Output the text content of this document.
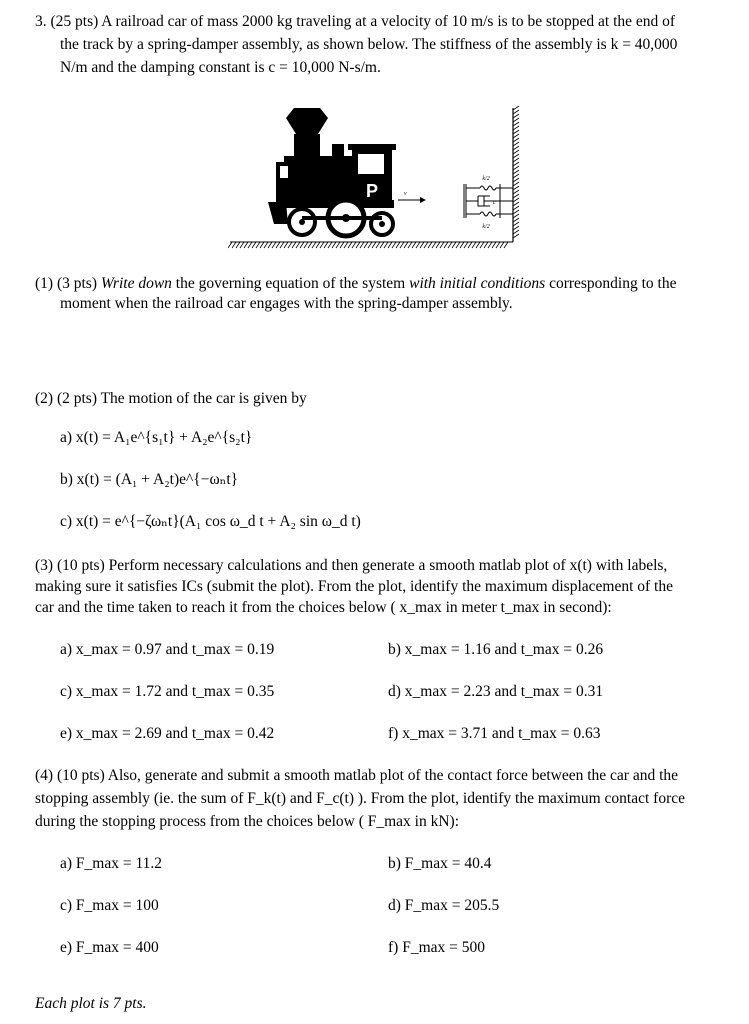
3. (25 pts) A railroad car of mass 2000 kg traveling at a velocity of 10 m/s is to be stopped at the end of
the track by a spring-damper assembly, as shown below. The stiffness of the assembly is k = 40,000
N/m and the damping constant is c = 10,000 N-s/m.
P	v
k/2
c
k/2
(1) (3 pts) Write down the governing equation of the system with initial conditions corresponding to the
moment when the railroad car engages with the spring-damper assembly.
(2) (2 pts) The motion of the car is given by
a) x(t) = A₁e^{s₁t} + A₂e^{s₂t}
b) x(t) = (A₁ + A₂t)e^{−ωₙt}
c) x(t) = e^{−ζωₙt}(A₁ cos ω_d t + A₂ sin ω_d t)
(3) (10 pts) Perform necessary calculations and then generate a smooth matlab plot of x(t) with labels,
making sure it satisfies ICs (submit the plot). From the plot, identify the maximum displacement of the
car and the time taken to reach it from the choices below ( x_max in meter t_max in second):
a) x_max = 0.97 and t_max = 0.19	b) x_max = 1.16 and t_max = 0.26
c) x_max = 1.72 and t_max = 0.35	d) x_max = 2.23 and t_max = 0.31
e) x_max = 2.69 and t_max = 0.42	f) x_max = 3.71 and t_max = 0.63
(4) (10 pts) Also, generate and submit a smooth matlab plot of the contact force between the car and the
stopping assembly (ie. the sum of F_k(t) and F_c(t) ). From the plot, identify the maximum contact force
during the stopping process from the choices below ( F_max in kN):
a) F_max = 11.2	b) F_max = 40.4
c) F_max = 100	d) F_max = 205.5
e) F_max = 400	f) F_max = 500
Each plot is 7 pts.
